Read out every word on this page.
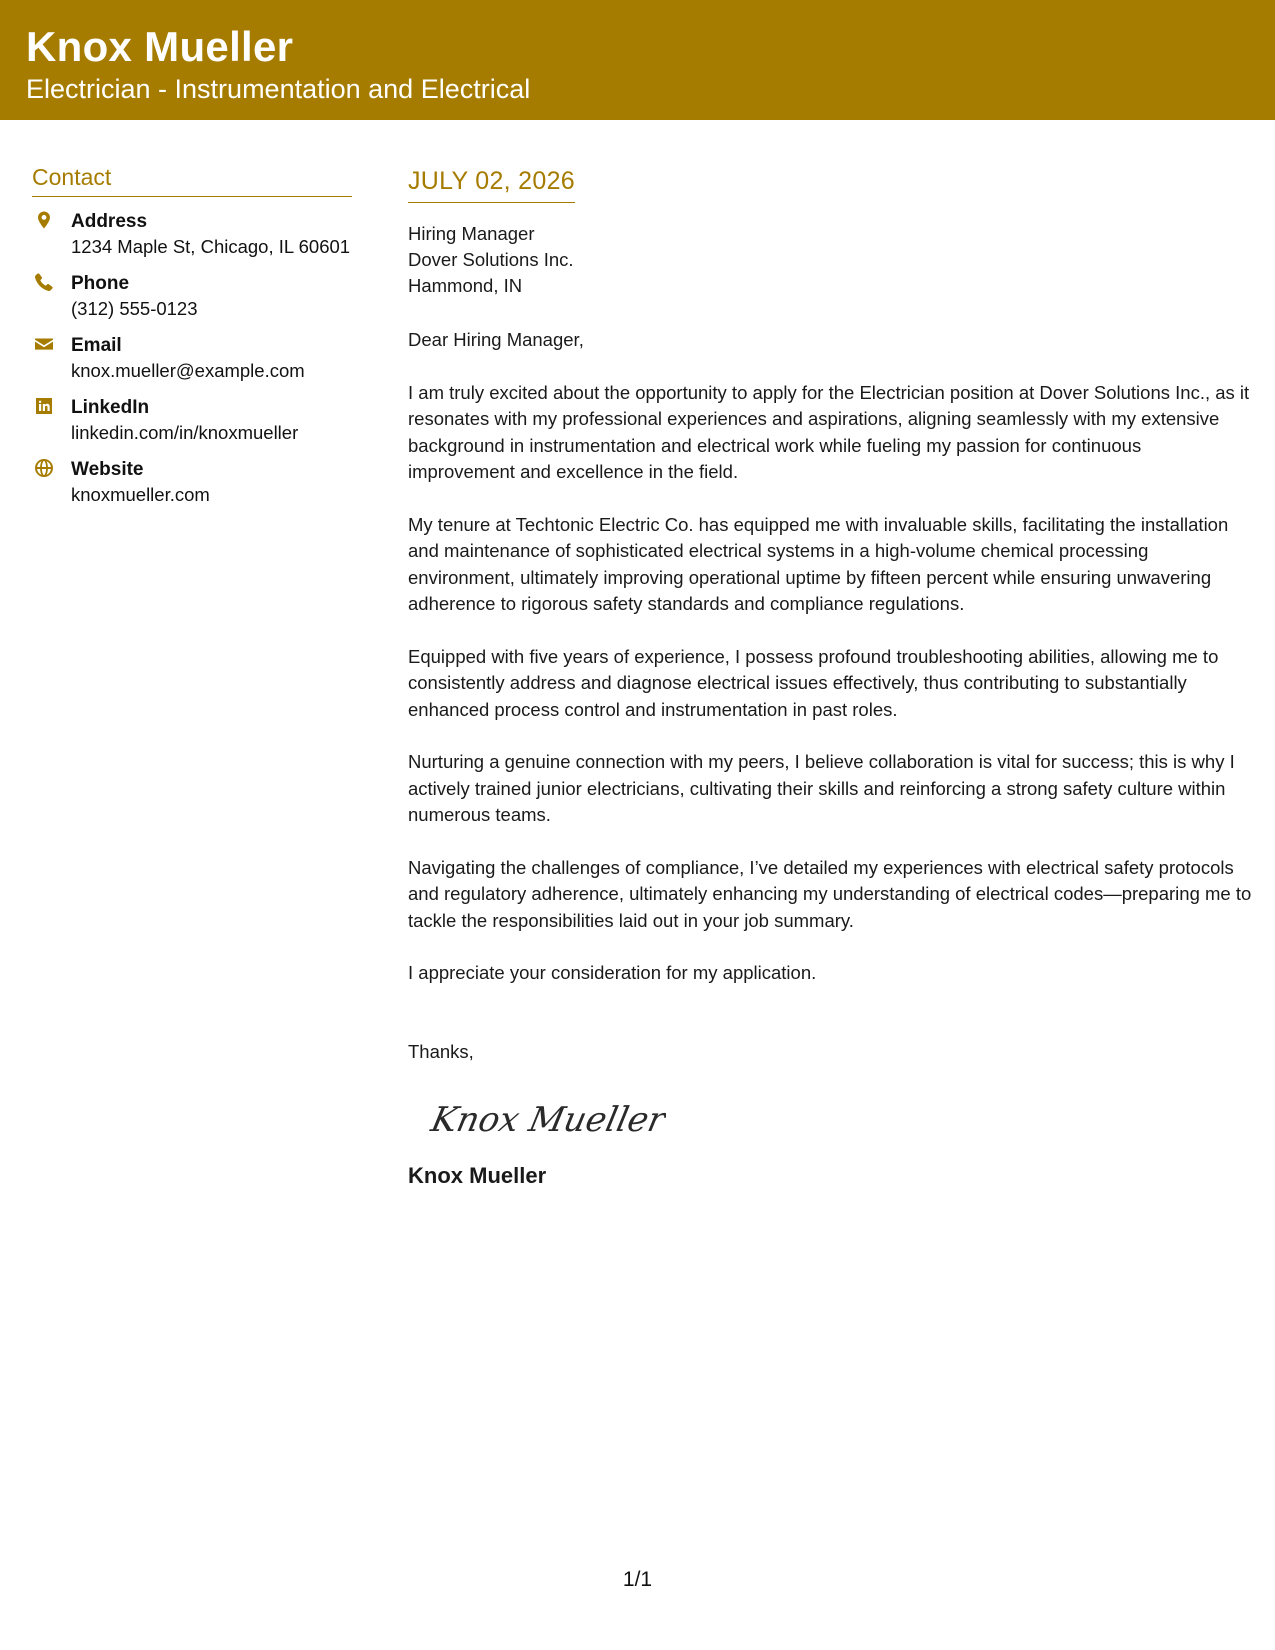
Knox Mueller
Electrician - Instrumentation and Electrical
Contact
Address
1234 Maple St, Chicago, IL 60601
Phone
(312) 555-0123
Email
knox.mueller@example.com
LinkedIn
linkedin.com/in/knoxmueller
Website
knoxmueller.com
JULY 02, 2026
Hiring Manager
Dover Solutions Inc.
Hammond, IN
Dear Hiring Manager,
I am truly excited about the opportunity to apply for the Electrician position at Dover Solutions Inc., as it resonates with my professional experiences and aspirations, aligning seamlessly with my extensive background in instrumentation and electrical work while fueling my passion for continuous improvement and excellence in the field.
My tenure at Techtonic Electric Co. has equipped me with invaluable skills, facilitating the installation and maintenance of sophisticated electrical systems in a high-volume chemical processing environment, ultimately improving operational uptime by fifteen percent while ensuring unwavering adherence to rigorous safety standards and compliance regulations.
Equipped with five years of experience, I possess profound troubleshooting abilities, allowing me to consistently address and diagnose electrical issues effectively, thus contributing to substantially enhanced process control and instrumentation in past roles.
Nurturing a genuine connection with my peers, I believe collaboration is vital for success; this is why I actively trained junior electricians, cultivating their skills and reinforcing a strong safety culture within numerous teams.
Navigating the challenges of compliance, I’ve detailed my experiences with electrical safety protocols and regulatory adherence, ultimately enhancing my understanding of electrical codes—preparing me to tackle the responsibilities laid out in your job summary.
I appreciate your consideration for my application.
Thanks,
Knox Mueller
Knox Mueller
1/1
